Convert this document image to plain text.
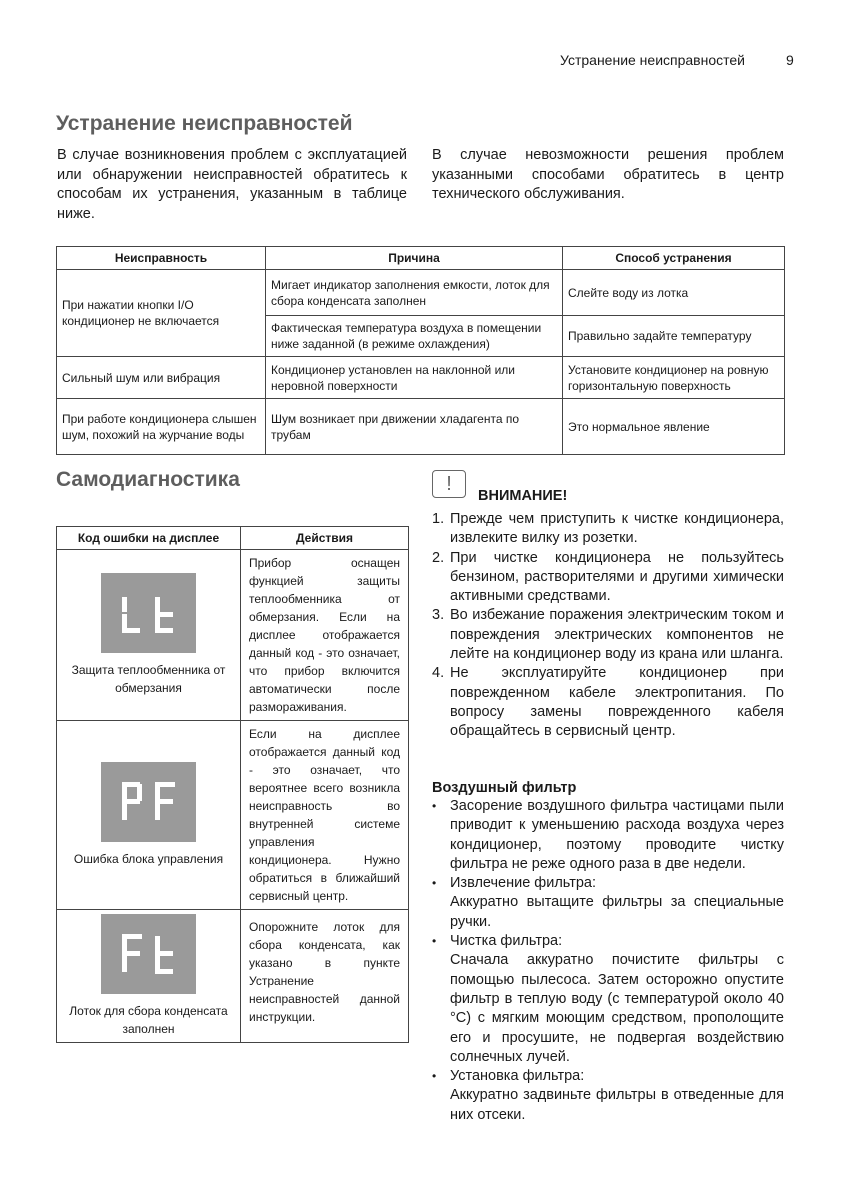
Устранение неисправностей	9
Устранение неисправностей
В случае возникновения проблем с эксплуатацией или обнаружении неисправностей обратитесь к способам их устранения, указанным в таблице ниже.
В случае невозможности решения проблем указанными способами обратитесь в центр технического обслуживания.
Неисправность	Причина	Способ устранения
При нажатии кнопки I/O кондиционер не включается	Мигает индикатор заполнения емкости, лоток для сбора конденсата заполнен	Слейте воду из лотка
	Фактическая температура воздуха в помещении ниже заданной (в режиме охлаждения)	Правильно задайте температуру
Сильный шум или вибрация	Кондиционер установлен на наклонной или неровной поверхности	Установите кондиционер на ровную горизонтальную поверхность
При работе кондиционера слышен шум, похожий на журчание воды	Шум возникает при движении хладагента по трубам	Это нормальное явление
Самодиагностика
Код ошибки на дисплее	Действия

Защита теплообменника от обмерзания	Прибор оснащен функцией защиты теплообменника от обмерзания. Если на дисплее отображается данный код - это означает, что прибор включится автоматически после размораживания.

Ошибка блока управления	Если на дисплее отображается данный код - это означает, что вероятнее всего возникла неисправность во внутренней системе управления кондиционера. Нужно обратиться в ближайший сервисный центр.

Лоток для сбора конденсата заполнен	Опорожните лоток для сбора конденсата, как указано в пункте Устранение неисправностей данной инструкции.
!
ВНИМАНИЕ!
1. Прежде чем приступить к чистке кондиционера, извлеките вилку из розетки.
2. При чистке кондиционера не пользуйтесь бензином, растворителями и другими химически активными средствами.
3. Во избежание поражения электрическим током и повреждения электрических компонентов не лейте на кондиционер воду из крана или шланга.
4. Не эксплуатируйте кондиционер при поврежденном кабеле электропитания. По вопросу замены поврежденного кабеля обращайтесь в сервисный центр.
Воздушный фильтр
• Засорение воздушного фильтра частицами пыли приводит к уменьшению расхода воздуха через кондиционер, поэтому проводите чистку фильтра не реже одного раза в две недели.
• Извлечение фильтра:
Аккуратно вытащите фильтры за специальные ручки.
• Чистка фильтра:
Сначала аккуратно почистите фильтры с помощью пылесоса. Затем осторожно опустите фильтр в теплую воду (с температурой около 40 °C) с мягким моющим средством, прополощите его и просушите, не подвергая воздействию солнечных лучей.
• Установка фильтра:
Аккуратно задвиньте фильтры в отведенные для них отсеки.
